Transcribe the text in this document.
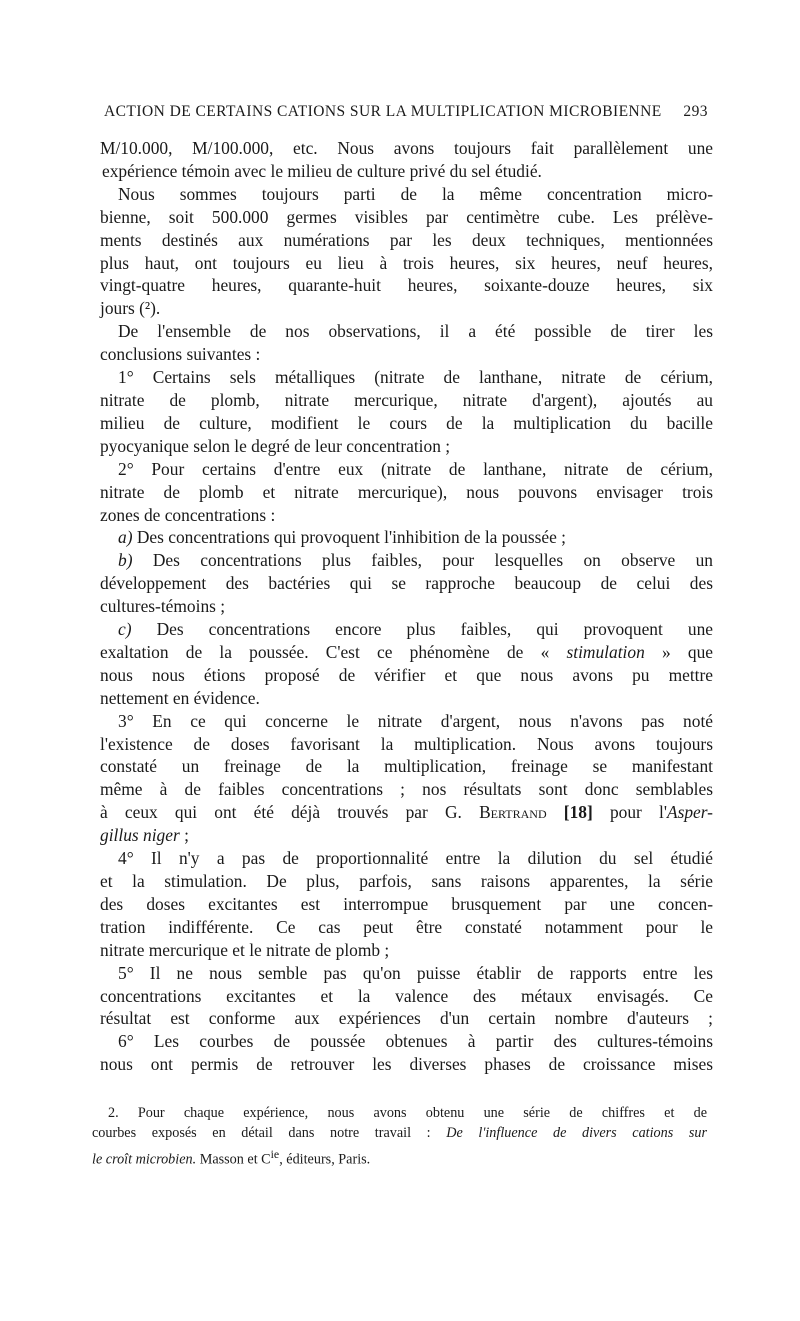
ACTION DE CERTAINS CATIONS SUR LA MULTIPLICATION MICROBIENNE 293
M/10.000, M/100.000, etc. Nous avons toujours fait parallèlement une
expérience témoin avec le milieu de culture privé du sel étudié.
Nous sommes toujours parti de la même concentration micro-
bienne, soit 500.000 germes visibles par centimètre cube. Les prélève-
ments destinés aux numérations par les deux techniques, mentionnées
plus haut, ont toujours eu lieu à trois heures, six heures, neuf heures,
vingt-quatre heures, quarante-huit heures, soixante-douze heures, six
jours (²).
De l'ensemble de nos observations, il a été possible de tirer les
conclusions suivantes :
1° Certains sels métalliques (nitrate de lanthane, nitrate de cérium,
nitrate de plomb, nitrate mercurique, nitrate d'argent), ajoutés au
milieu de culture, modifient le cours de la multiplication du bacille
pyocyanique selon le degré de leur concentration ;
2° Pour certains d'entre eux (nitrate de lanthane, nitrate de cérium,
nitrate de plomb et nitrate mercurique), nous pouvons envisager trois
zones de concentrations :
a) Des concentrations qui provoquent l'inhibition de la poussée ;
b) Des concentrations plus faibles, pour lesquelles on observe un
développement des bactéries qui se rapproche beaucoup de celui des
cultures-témoins ;
c) Des concentrations encore plus faibles, qui provoquent une
exaltation de la poussée. C'est ce phénomène de « stimulation » que
nous nous étions proposé de vérifier et que nous avons pu mettre
nettement en évidence.
3° En ce qui concerne le nitrate d'argent, nous n'avons pas noté
l'existence de doses favorisant la multiplication. Nous avons toujours
constaté un freinage de la multiplication, freinage se manifestant
même à de faibles concentrations ; nos résultats sont donc semblables
à ceux qui ont été déjà trouvés par G. Bertrand [18] pour l'Asper-
gillus niger ;
4° Il n'y a pas de proportionnalité entre la dilution du sel étudié
et la stimulation. De plus, parfois, sans raisons apparentes, la série
des doses excitantes est interrompue brusquement par une concen-
tration indifférente. Ce cas peut être constaté notamment pour le
nitrate mercurique et le nitrate de plomb ;
5° Il ne nous semble pas qu'on puisse établir de rapports entre les
concentrations excitantes et la valence des métaux envisagés. Ce
résultat est conforme aux expériences d'un certain nombre d'auteurs ;
6° Les courbes de poussée obtenues à partir des cultures-témoins
nous ont permis de retrouver les diverses phases de croissance mises
2. Pour chaque expérience, nous avons obtenu une série de chiffres et de
courbes exposés en détail dans notre travail : De l'influence de divers cations sur
le croît microbien. Masson et $C^{ie}$, éditeurs, Paris.
